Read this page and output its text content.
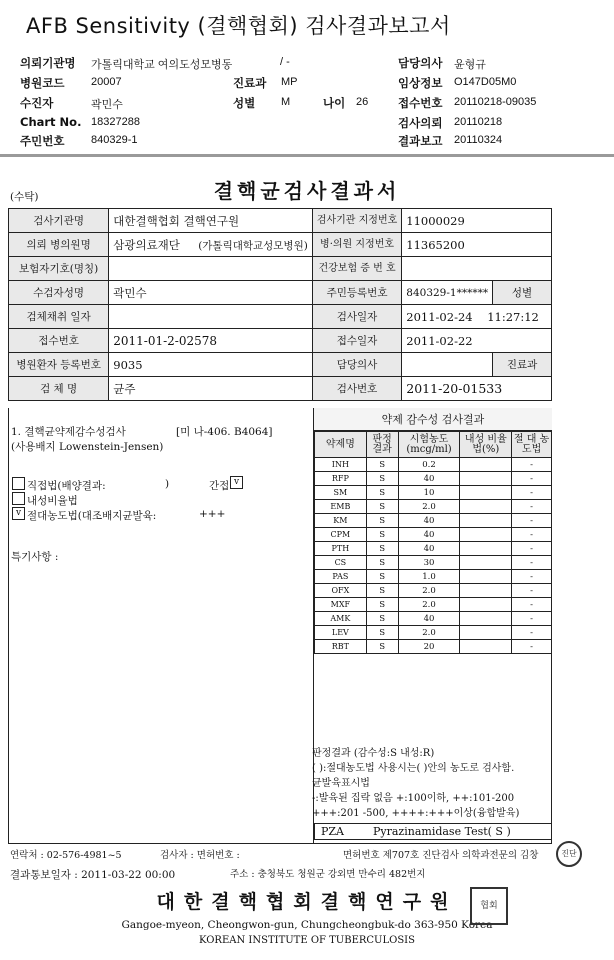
AFB Sensitivity (결핵협회) 검사결과보고서
의뢰기관명 가톨릭대학교 여의도성모병동	/ -	담당의사 윤형규
병원코드 20007	진료과 MP	임상정보 O147D05M0
수진자	곽민수	성별 M	나이 26	접수번호 20110218-09035
Chart No. 18327288	검사의뢰 20110218
주민번호 840329-1	결과보고 20110324
(수탁)	결핵균검사결과서
검사기관명	대한결핵협회 결핵연구원	검사기관 지정번호	11000029	
의뢰 병의원명	삼광의료재단 (가톨릭대학교성모병원)	병·의원 지정번호	11365200	
보험자기호(명칭)		건강보험 증 번 호		
수검자성명	곽민수	주민등록번호	840329-1******	성별
검체채취 일자		검사일자	2011-02-24 11:27:12	
접수번호	2011-01-2-02578	접수일자	2011-02-22	
병원환자 등록번호	9035	담당의사		진료과
검 체 명	균주	검사번호	2011-20-01533	
1. 결핵균약제감수성검사	[미 나-406. B4064]
(사용배지 Lowenstein-Jensen)
직접법(배양결과:	)	간접 v
내성비율법
v 절대농도법(대조배지균발육:	+++
특기사항 :
약제 감수성 검사결과
약제명	판정 결과	시험농도 (mcg/ml)	내성 비율법(%)	절 대 농도법
INH	S	0.2		-
RFP	S	40		-
SM	S	10		-
EMB	S	2.0		-
KM	S	40		-
CPM	S	40		-
PTH	S	40		-
CS	S	30		-
PAS	S	1.0		-
OFX	S	2.0		-
MXF	S	2.0		-
AMK	S	40		-
LEV	S	2.0		-
RBT	S	20		-
PZA	Pyrazinamidase Test( S )
판정결과 (감수성:S 내성:R)
( ):절대농도법 사용시는( )안의 농도로 검사함.
균발육표시법
-:발육된 집락 없음 +:100이하, ++:101-200
+++:201 -500, ++++:+++이상(융합발육)
연락처 : 02-576-4981~5	검사자 : 면허번호 :	면허번호 제707호 진단검사 의학과전문의 김창
결과통보일자 : 2011-03-22 00:00	주소 : 충청북도 청원군 강외면 만수리 482번지
대한결핵협회결핵연구원
Gangoe-myeon, Cheongwon-gun, Chungcheongbuk-do 363-950 Korea
KOREAN INSTITUTE OF TUBERCULOSIS
진단
협회
